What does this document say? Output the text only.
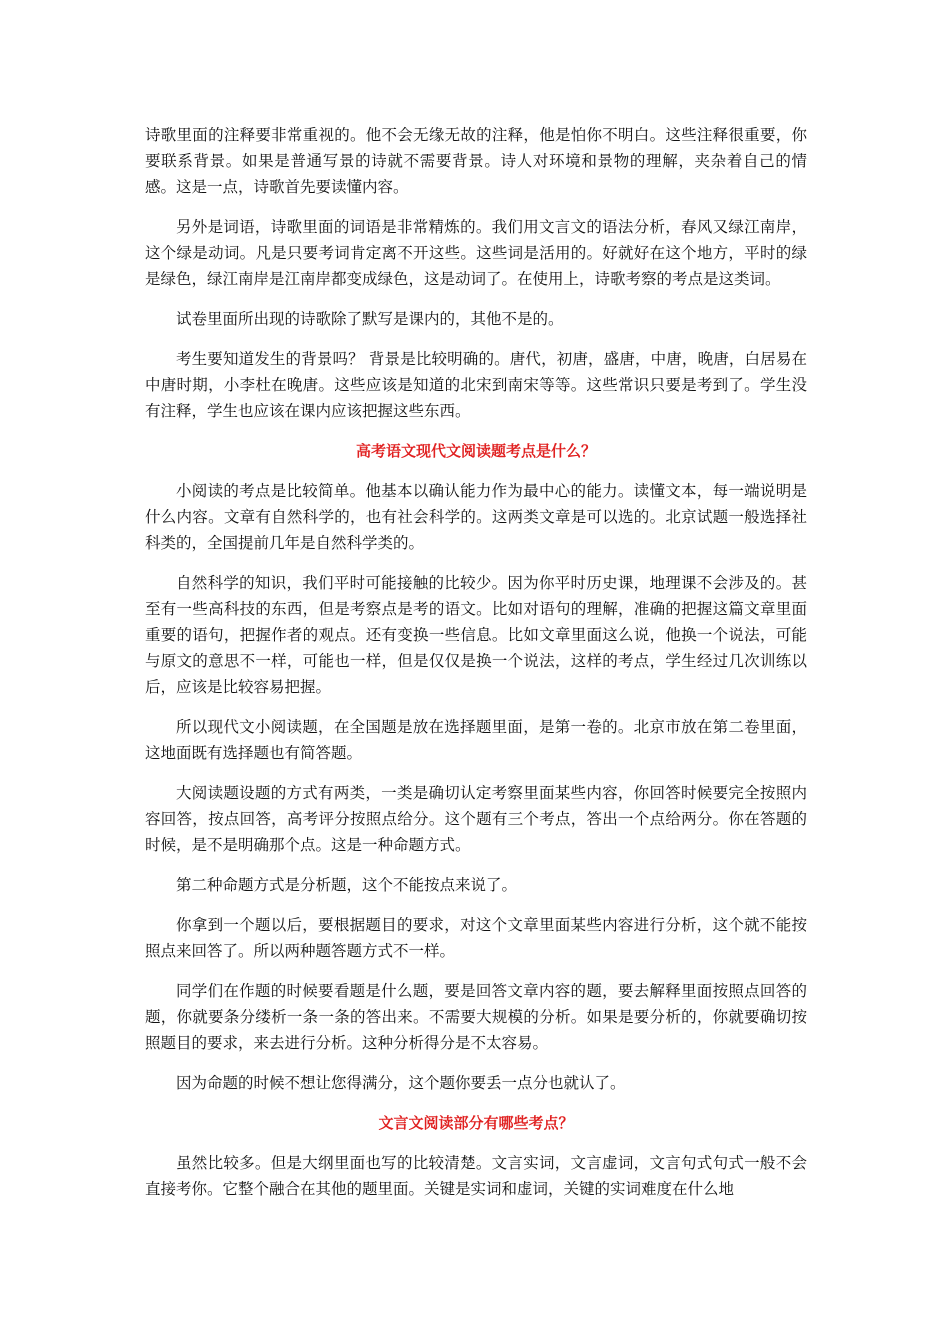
诗歌里面的注释要非常重视的。他不会无缘无故的注释，他是怕你不明白。这些注释很重要，你要联系背景。如果是普通写景的诗就不需要背景。诗人对环境和景物的理解，夹杂着自己的情感。这是一点，诗歌首先要读懂内容。

另外是词语，诗歌里面的词语是非常精炼的。我们用文言文的语法分析，春风又绿江南岸，这个绿是动词。凡是只要考词肯定离不开这些。这些词是活用的。好就好在这个地方，平时的绿是绿色，绿江南岸是江南岸都变成绿色，这是动词了。在使用上，诗歌考察的考点是这类词。

试卷里面所出现的诗歌除了默写是课内的，其他不是的。

考生要知道发生的背景吗？ 背景是比较明确的。唐代，初唐，盛唐，中唐，晚唐，白居易在中唐时期，小李杜在晚唐。这些应该是知道的北宋到南宋等等。这些常识只要是考到了。学生没有注释，学生也应该在课内应该把握这些东西。

高考语文现代文阅读题考点是什么？

小阅读的考点是比较简单。他基本以确认能力作为最中心的能力。读懂文本，每一端说明是什么内容。文章有自然科学的，也有社会科学的。这两类文章是可以选的。北京试题一般选择社科类的，全国提前几年是自然科学类的。

自然科学的知识，我们平时可能接触的比较少。因为你平时历史课，地理课不会涉及的。甚至有一些高科技的东西，但是考察点是考的语文。比如对语句的理解，准确的把握这篇文章里面重要的语句，把握作者的观点。还有变换一些信息。比如文章里面这么说，他换一个说法，可能与原文的意思不一样，可能也一样，但是仅仅是换一个说法，这样的考点，学生经过几次训练以后，应该是比较容易把握。

所以现代文小阅读题，在全国题是放在选择题里面，是第一卷的。北京市放在第二卷里面，这地面既有选择题也有简答题。

大阅读题设题的方式有两类，一类是确切认定考察里面某些内容，你回答时候要完全按照内容回答，按点回答，高考评分按照点给分。这个题有三个考点，答出一个点给两分。你在答题的时候，是不是明确那个点。这是一种命题方式。

第二种命题方式是分析题，这个不能按点来说了。

你拿到一个题以后，要根据题目的要求，对这个文章里面某些内容进行分析，这个就不能按照点来回答了。所以两种题答题方式不一样。

同学们在作题的时候要看题是什么题，要是回答文章内容的题，要去解释里面按照点回答的题，你就要条分缕析一条一条的答出来。不需要大规模的分析。如果是要分析的，你就要确切按照题目的要求，来去进行分析。这种分析得分是不太容易。

因为命题的时候不想让您得满分，这个题你要丢一点分也就认了。

文言文阅读部分有哪些考点？

虽然比较多。但是大纲里面也写的比较清楚。文言实词，文言虚词，文言句式句式一般不会直接考你。它整个融合在其他的题里面。关键是实词和虚词，关键的实词难度在什么地
